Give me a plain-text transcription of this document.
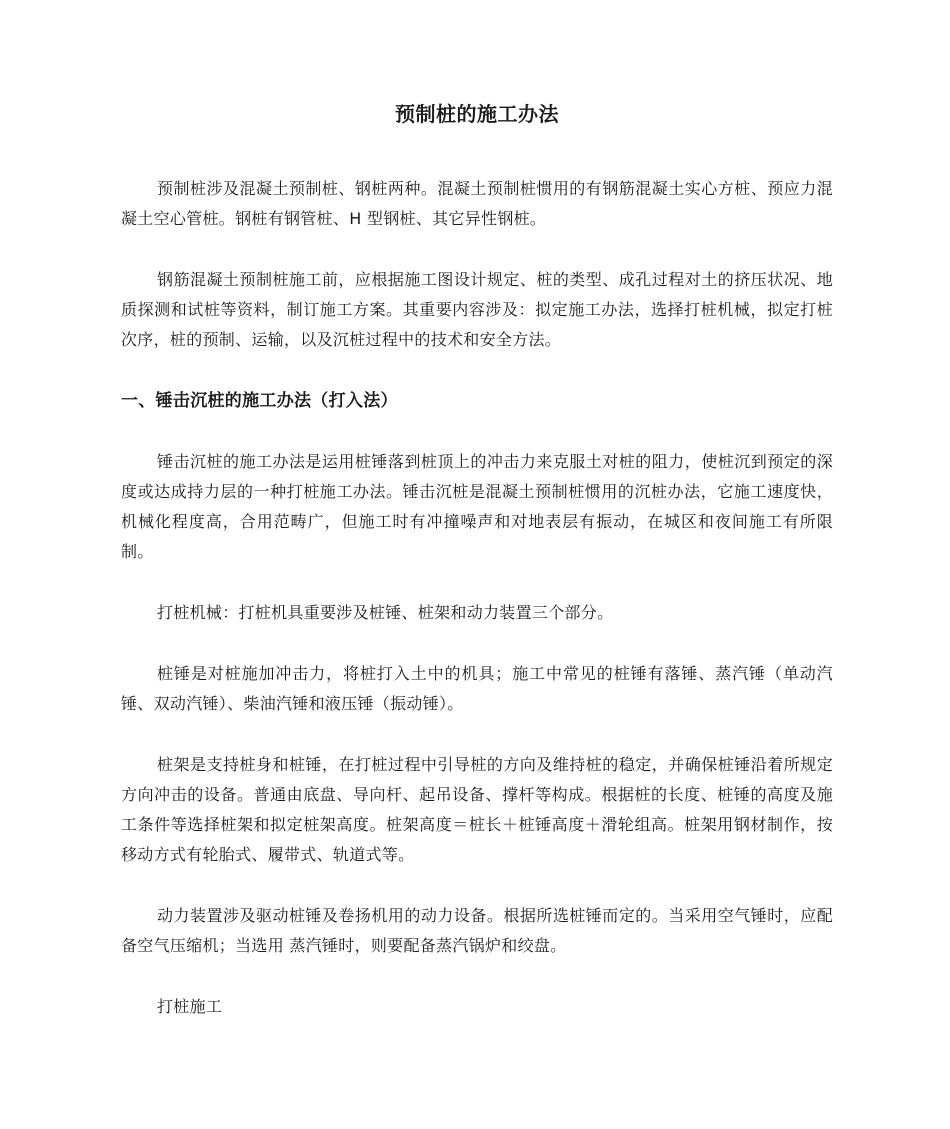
预制桩的施工办法

预制桩涉及混凝土预制桩、钢桩两种。混凝土预制桩惯用的有钢筋混凝土实心方桩、预应力混凝土空心管桩。钢桩有钢管桩、H 型钢桩、其它异性钢桩。

钢筋混凝土预制桩施工前，应根据施工图设计规定、桩的类型、成孔过程对土的挤压状况、地质探测和试桩等资料，制订施工方案。其重要内容涉及：拟定施工办法，选择打桩机械，拟定打桩次序，桩的预制、运输，以及沉桩过程中的技术和安全方法。

一、锤击沉桩的施工办法（打入法）

锤击沉桩的施工办法是运用桩锤落到桩顶上的冲击力来克服土对桩的阻力，使桩沉到预定的深度或达成持力层的一种打桩施工办法。锤击沉桩是混凝土预制桩惯用的沉桩办法，它施工速度快，机械化程度高，合用范畴广，但施工时有冲撞噪声和对地表层有振动，在城区和夜间施工有所限制。

打桩机械：打桩机具重要涉及桩锤、桩架和动力装置三个部分。

桩锤是对桩施加冲击力，将桩打入土中的机具；施工中常见的桩锤有落锤、蒸汽锤（单动汽锤、双动汽锤）、柴油汽锤和液压锤（振动锤）。

桩架是支持桩身和桩锤，在打桩过程中引导桩的方向及维持桩的稳定，并确保桩锤沿着所规定方向冲击的设备。普通由底盘、导向杆、起吊设备、撑杆等构成。根据桩的长度、桩锤的高度及施工条件等选择桩架和拟定桩架高度。桩架高度＝桩长＋桩锤高度＋滑轮组高。桩架用钢材制作，按移动方式有轮胎式、履带式、轨道式等。

动力装置涉及驱动桩锤及卷扬机用的动力设备。根据所选桩锤而定的。当采用空气锤时，应配备空气压缩机；当选用 蒸汽锤时，则要配备蒸汽锅炉和绞盘。

打桩施工
